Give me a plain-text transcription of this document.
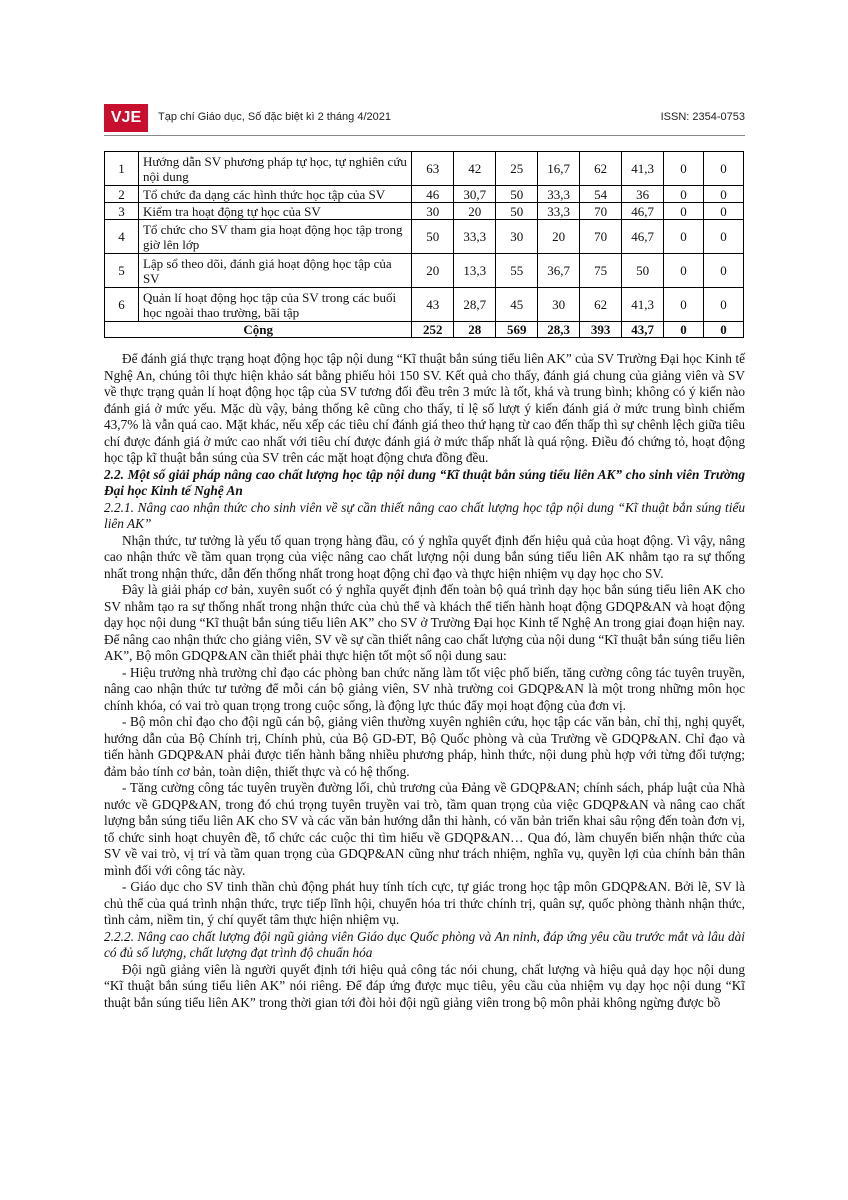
VJE	Tạp chí Giáo dục, Số đặc biệt kì 2 tháng 4/2021	ISSN: 2354-0753
1	Hướng dẫn SV phương pháp tự học, tự nghiên cứu nội dung	63	42	25	16,7	62	41,3	0	0
2	Tổ chức đa dạng các hình thức học tập của SV	46	30,7	50	33,3	54	36	0	0
3	Kiểm tra hoạt động tự học của SV	30	20	50	33,3	70	46,7	0	0
4	Tổ chức cho SV tham gia hoạt động học tập trong giờ lên lớp	50	33,3	30	20	70	46,7	0	0
5	Lập sổ theo dõi, đánh giá hoạt động học tập của SV	20	13,3	55	36,7	75	50	0	0
6	Quản lí hoạt động học tập của SV trong các buổi học ngoài thao trường, bãi tập	43	28,7	45	30	62	41,3	0	0
Cộng		252	28	569	28,3	393	43,7	0	0

Để đánh giá thực trạng hoạt động học tập nội dung “Kĩ thuật bắn súng tiểu liên AK” của SV Trường Đại học Kinh tế Nghệ An, chúng tôi thực hiện khảo sát bằng phiếu hỏi 150 SV. Kết quả cho thấy, đánh giá chung của giảng viên và SV về thực trạng quản lí hoạt động học tập của SV tương đối đều trên 3 mức là tốt, khá và trung bình; không có ý kiến nào đánh giá ở mức yếu. Mặc dù vậy, bảng thống kê cũng cho thấy, tỉ lệ số lượt ý kiến đánh giá ở mức trung bình chiếm 43,7% là vẫn quá cao. Mặt khác, nếu xếp các tiêu chí đánh giá theo thứ hạng từ cao đến thấp thì sự chênh lệch giữa tiêu chí được đánh giá ở mức cao nhất với tiêu chí được đánh giá ở mức thấp nhất là quá rộng. Điều đó chứng tỏ, hoạt động học tập kĩ thuật bắn súng của SV trên các mặt hoạt động chưa đồng đều.

2.2. Một số giải pháp nâng cao chất lượng học tập nội dung “Kĩ thuật bắn súng tiểu liên AK” cho sinh viên Trường Đại học Kinh tế Nghệ An

2.2.1. Nâng cao nhận thức cho sinh viên về sự cần thiết nâng cao chất lượng học tập nội dung “Kĩ thuật bắn súng tiểu liên AK”

Nhận thức, tư tưởng là yếu tố quan trọng hàng đầu, có ý nghĩa quyết định đến hiệu quả của hoạt động. Vì vậy, nâng cao nhận thức về tầm quan trọng của việc nâng cao chất lượng nội dung bắn súng tiểu liên AK nhằm tạo ra sự thống nhất trong nhận thức, dẫn đến thống nhất trong hoạt động chỉ đạo và thực hiện nhiệm vụ dạy học cho SV.

Đây là giải pháp cơ bản, xuyên suốt có ý nghĩa quyết định đến toàn bộ quá trình dạy học bắn súng tiểu liên AK cho SV nhằm tạo ra sự thống nhất trong nhận thức của chủ thể và khách thể tiến hành hoạt động GDQP&AN và hoạt động dạy học nội dung “Kĩ thuật bắn súng tiểu liên AK” cho SV ở Trường Đại học Kinh tế Nghệ An trong giai đoạn hiện nay. Để nâng cao nhận thức cho giảng viên, SV về sự cần thiết nâng cao chất lượng của nội dung “Kĩ thuật bắn súng tiểu liên AK”, Bộ môn GDQP&AN cần thiết phải thực hiện tốt một số nội dung sau:

- Hiệu trưởng nhà trường chỉ đạo các phòng ban chức năng làm tốt việc phổ biến, tăng cường công tác tuyên truyền, nâng cao nhận thức tư tưởng để mỗi cán bộ giảng viên, SV nhà trường coi GDQP&AN là một trong những môn học chính khóa, có vai trò quan trọng trong cuộc sống, là động lực thúc đẩy mọi hoạt động của đơn vị.

- Bộ môn chỉ đạo cho đội ngũ cán bộ, giảng viên thường xuyên nghiên cứu, học tập các văn bản, chỉ thị, nghị quyết, hướng dẫn của Bộ Chính trị, Chính phủ, của Bộ GD-ĐT, Bộ Quốc phòng và của Trường về GDQP&AN. Chỉ đạo và tiến hành GDQP&AN phải được tiến hành bằng nhiều phương pháp, hình thức, nội dung phù hợp với từng đối tượng; đảm bảo tính cơ bản, toàn diện, thiết thực và có hệ thống.

- Tăng cường công tác tuyên truyền đường lối, chủ trương của Đảng về GDQP&AN; chính sách, pháp luật của Nhà nước về GDQP&AN, trong đó chú trọng tuyên truyền vai trò, tầm quan trọng của việc GDQP&AN và nâng cao chất lượng bắn súng tiểu liên AK cho SV và các văn bản hướng dẫn thi hành, có văn bản triển khai sâu rộng đến toàn đơn vị, tổ chức sinh hoạt chuyên đề, tổ chức các cuộc thi tìm hiểu về GDQP&AN… Qua đó, làm chuyển biến nhận thức của SV về vai trò, vị trí và tầm quan trọng của GDQP&AN cũng như trách nhiệm, nghĩa vụ, quyền lợi của chính bản thân mình đối với công tác này.

- Giáo dục cho SV tinh thần chủ động phát huy tính tích cực, tự giác trong học tập môn GDQP&AN. Bởi lẽ, SV là chủ thể của quá trình nhận thức, trực tiếp lĩnh hội, chuyển hóa tri thức chính trị, quân sự, quốc phòng thành nhận thức, tình cảm, niềm tin, ý chí quyết tâm thực hiện nhiệm vụ.

2.2.2. Nâng cao chất lượng đội ngũ giảng viên Giáo dục Quốc phòng và An ninh, đáp ứng yêu cầu trước mắt và lâu dài có đủ số lượng, chất lượng đạt trình độ chuẩn hóa

Đội ngũ giảng viên là người quyết định tới hiệu quả công tác nói chung, chất lượng và hiệu quả dạy học nội dung “Kĩ thuật bắn súng tiểu liên AK” nói riêng. Để đáp ứng được mục tiêu, yêu cầu của nhiệm vụ dạy học nội dung “Kĩ thuật bắn súng tiểu liên AK” trong thời gian tới đòi hỏi đội ngũ giảng viên trong bộ môn phải không ngừng được bồ
